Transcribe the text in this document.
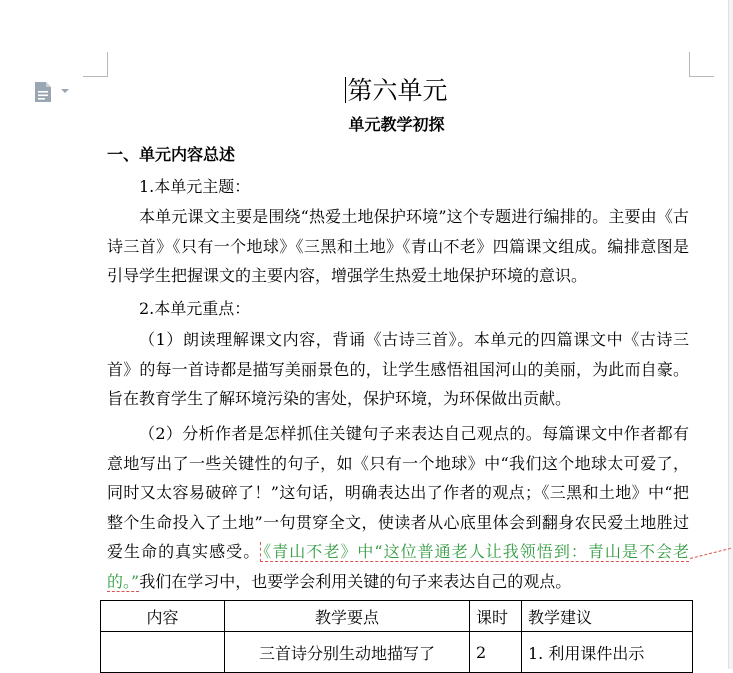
第六单元
单元教学初探
一、单元内容总述
1.本单元主题：

本单元课文主要是围绕“热爱土地保护环境”这个专题进行编排的。主要由《古诗三首》《只有一个地球》《三黑和土地》《青山不老》四篇课文组成。编排意图是引导学生把握课文的主要内容，增强学生热爱土地保护环境的意识。

2.本单元重点：

（1）朗读理解课文内容，背诵《古诗三首》。本单元的四篇课文中《古诗三首》的每一首诗都是描写美丽景色的，让学生感悟祖国河山的美丽，为此而自豪。旨在教育学生了解环境污染的害处，保护环境，为环保做出贡献。

（2）分析作者是怎样抓住关键句子来表达自己观点的。每篇课文中作者都有意地写出了一些关键性的句子，如《只有一个地球》中“我们这个地球太可爱了，同时又太容易破碎了！”这句话，明确表达出了作者的观点；《三黑和土地》中“把整个生命投入了土地”一句贯穿全文，使读者从心底里体会到翻身农民爱土地胜过爱生命的真实感受。 《青山不老》中“这位普通老人让我领悟到：青山是不会老的。”我们在学习中，也要学会利用关键的句子来表达自己的观点。

内容	教学要点	课时	教学建议
	三首诗分别生动地描写了	2	1. 利用课件出示
